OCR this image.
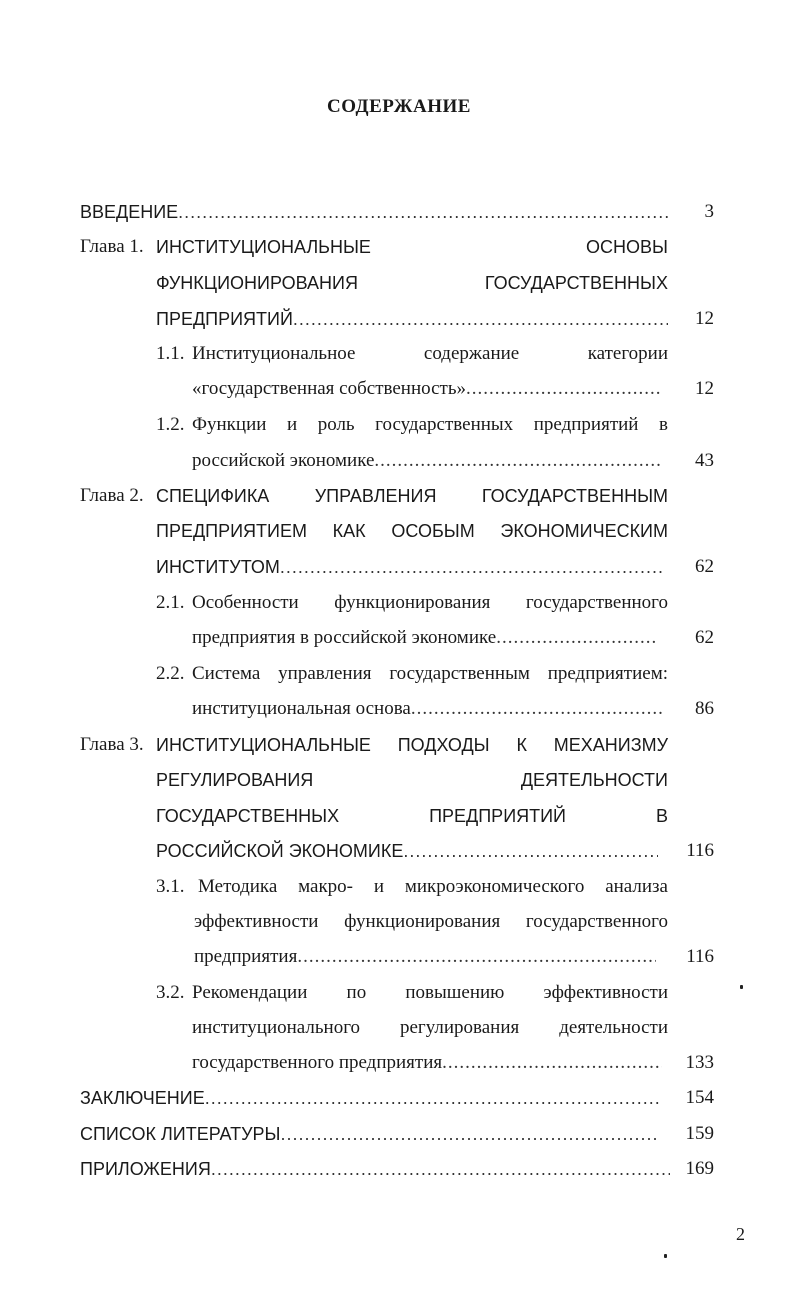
СОДЕРЖАНИЕ
ВВЕДЕНИЕ .....	3
Глава 1. ИНСТИТУЦИОНАЛЬНЫЕ ОСНОВЫ
ФУНКЦИОНИРОВАНИЯ ГОСУДАРСТВЕННЫХ
ПРЕДПРИЯТИЙ .....	12
1.1. Институциональное содержание категории
«государственная собственность» .....	12
1.2. Функции и роль государственных предприятий в
российской экономике .....	43
Глава 2. СПЕЦИФИКА УПРАВЛЕНИЯ ГОСУДАРСТВЕННЫМ
ПРЕДПРИЯТИЕМ КАК ОСОБЫМ ЭКОНОМИЧЕСКИМ
ИНСТИТУТОМ .....	62
2.1. Особенности функционирования государственного
предприятия в российской экономике .....	62
2.2. Система управления государственным предприятием:
институциональная основа .....	86
Глава 3. ИНСТИТУЦИОНАЛЬНЫЕ ПОДХОДЫ К МЕХАНИЗМУ
РЕГУЛИРОВАНИЯ ДЕЯТЕЛЬНОСТИ
ГОСУДАРСТВЕННЫХ ПРЕДПРИЯТИЙ В
РОССИЙСКОЙ ЭКОНОМИКЕ .....	116
3.1. Методика макро- и микроэкономического анализа
эффективности функционирования государственного
предприятия .....	116
3.2. Рекомендации по повышению эффективности
институционального регулирования деятельности
государственного предприятия .....	133
ЗАКЛЮЧЕНИЕ .....	154
СПИСОК ЛИТЕРАТУРЫ .....	159
ПРИЛОЖЕНИЯ .....	169
2
